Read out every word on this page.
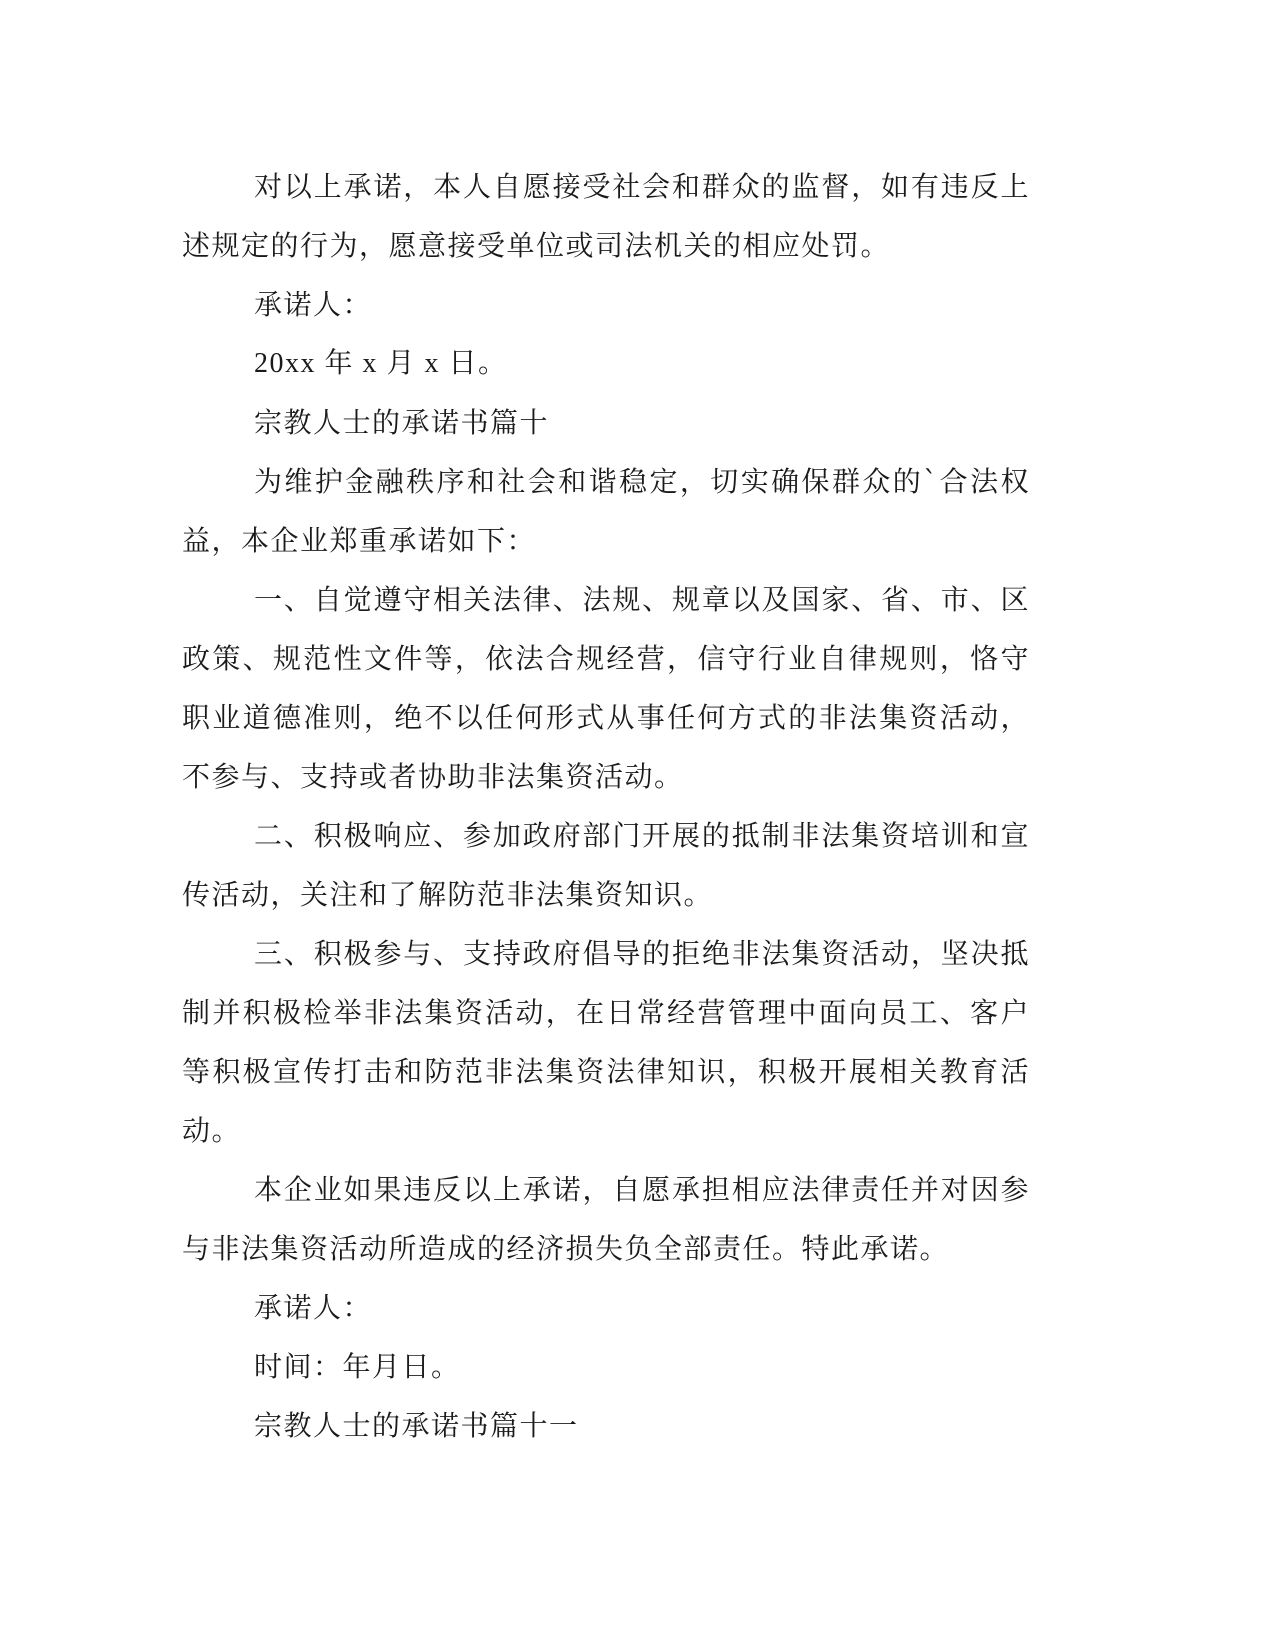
对以上承诺，本人自愿接受社会和群众的监督，如有违反上述规定的行为，愿意接受单位或司法机关的相应处罚。

承诺人：

20xx 年 x 月 x 日。

宗教人士的承诺书篇十

为维护金融秩序和社会和谐稳定，切实确保群众的`合法权益，本企业郑重承诺如下：

一、自觉遵守相关法律、法规、规章以及国家、省、市、区政策、规范性文件等，依法合规经营，信守行业自律规则，恪守职业道德准则，绝不以任何形式从事任何方式的非法集资活动，不参与、支持或者协助非法集资活动。

二、积极响应、参加政府部门开展的抵制非法集资培训和宣传活动，关注和了解防范非法集资知识。

三、积极参与、支持政府倡导的拒绝非法集资活动，坚决抵制并积极检举非法集资活动，在日常经营管理中面向员工、客户等积极宣传打击和防范非法集资法律知识，积极开展相关教育活动。

本企业如果违反以上承诺，自愿承担相应法律责任并对因参与非法集资活动所造成的经济损失负全部责任。特此承诺。

承诺人：

时间：年月日。

宗教人士的承诺书篇十一
